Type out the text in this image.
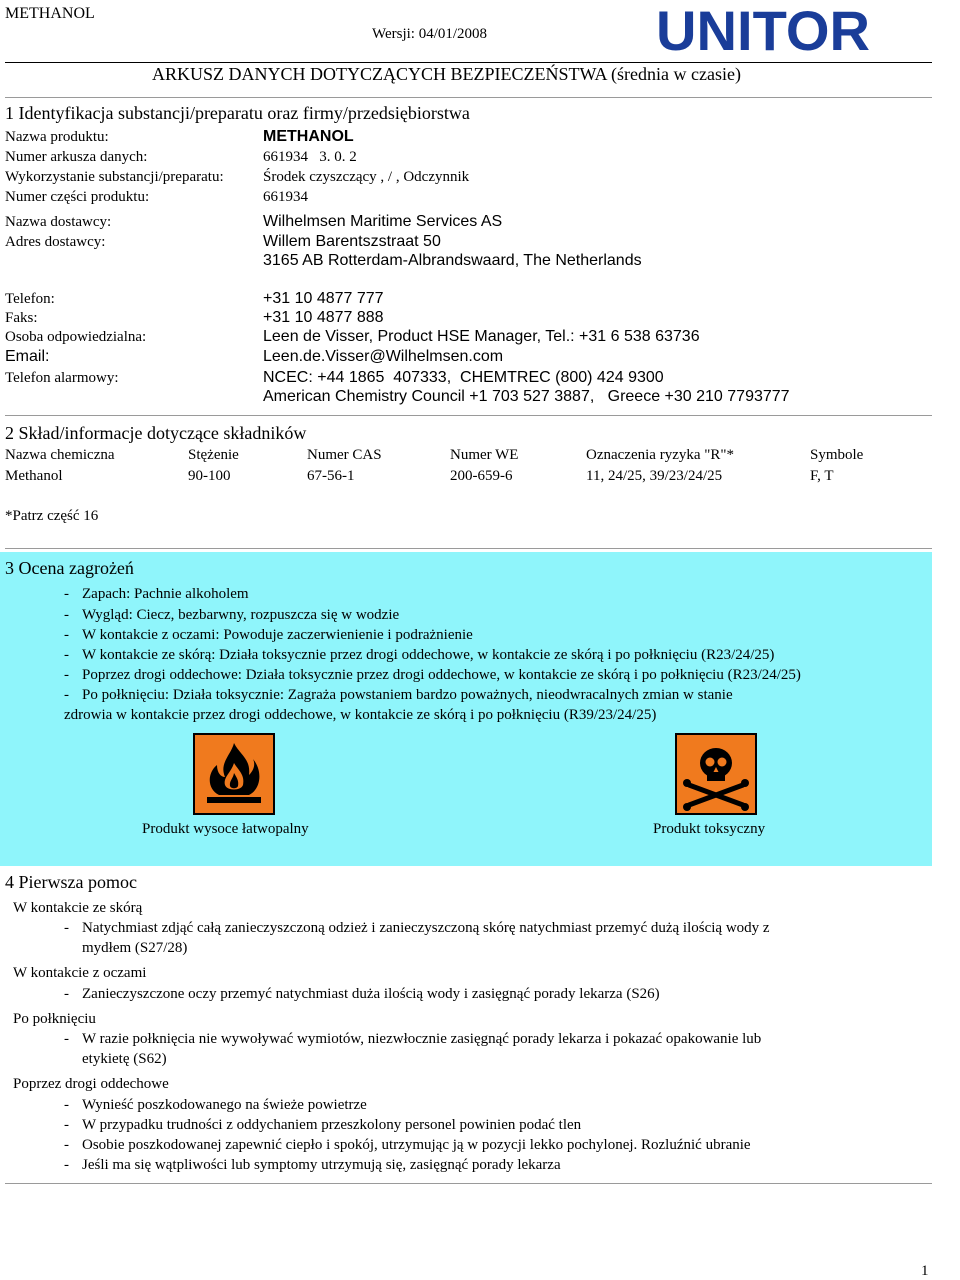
METHANOL
Wersji: 04/01/2008	UNITOR
ARKUSZ DANYCH DOTYCZĄCYCH BEZPIECZEŃSTWA (średnia w czasie)
1 Identyfikacja substancji/preparatu oraz firmy/przedsiębiorstwa
Nazwa produktu:	METHANOL
Numer arkusza danych:	661934   3. 0. 2
Wykorzystanie substancji/preparatu:	Środek czyszczący , / , Odczynnik
Numer części produktu:	661934
Nazwa dostawcy:	Wilhelmsen Maritime Services AS
Adres dostawcy:	Willem Barentszstraat 50
3165 AB Rotterdam-Albrandswaard, The Netherlands
Telefon:	+31 10 4877 777
Faks:	+31 10 4877 888
Osoba odpowiedzialna:	Leen de Visser, Product HSE Manager, Tel.: +31 6 538 63736
Email:	Leen.de.Visser@Wilhelmsen.com
Telefon alarmowy:	NCEC: +44 1865  407333,  CHEMTREC (800) 424 9300
American Chemistry Council +1 703 527 3887,   Greece +30 210 7793777
2 Skład/informacje dotyczące składników
Nazwa chemiczna	Stężenie	Numer CAS	Numer WE	Oznaczenia ryzyka "R"*	Symbole
Methanol	90-100	67-56-1	200-659-6	11, 24/25, 39/23/24/25	F, T
*Patrz część 16
3 Ocena zagrożeń
- Zapach: Pachnie alkoholem
- Wygląd: Ciecz, bezbarwny, rozpuszcza się w wodzie
- W kontakcie z oczami: Powoduje zaczerwienienie i podrażnienie
- W kontakcie ze skórą: Działa toksycznie przez drogi oddechowe, w kontakcie ze skórą i po połknięciu (R23/24/25)
- Poprzez drogi oddechowe: Działa toksycznie przez drogi oddechowe, w kontakcie ze skórą i po połknięciu (R23/24/25)
- Po połknięciu: Działa toksycznie: Zagraża powstaniem bardzo poważnych, nieodwracalnych zmian w stanie
zdrowia w kontakcie przez drogi oddechowe, w kontakcie ze skórą i po połknięciu (R39/23/24/25)
Produkt wysoce łatwopalny	Produkt toksyczny
4 Pierwsza pomoc
W kontakcie ze skórą
- Natychmiast zdjąć całą zanieczyszczoną odzież i zanieczyszczoną skórę natychmiast przemyć dużą ilością wody z
mydłem (S27/28)
W kontakcie z oczami
- Zanieczyszczone oczy przemyć natychmiast duża ilością wody i zasięgnąć porady lekarza (S26)
Po połknięciu
- W razie połknięcia nie wywoływać wymiotów, niezwłocznie zasięgnąć porady lekarza i pokazać opakowanie lub
etykietę (S62)
Poprzez drogi oddechowe
- Wynieść poszkodowanego na świeże powietrze
- W przypadku trudności z oddychaniem przeszkolony personel powinien podać tlen
- Osobie poszkodowanej zapewnić ciepło i spokój, utrzymując ją w pozycji lekko pochylonej. Rozluźnić ubranie
- Jeśli ma się wątpliwości lub symptomy utrzymują się, zasięgnąć porady lekarza
1
